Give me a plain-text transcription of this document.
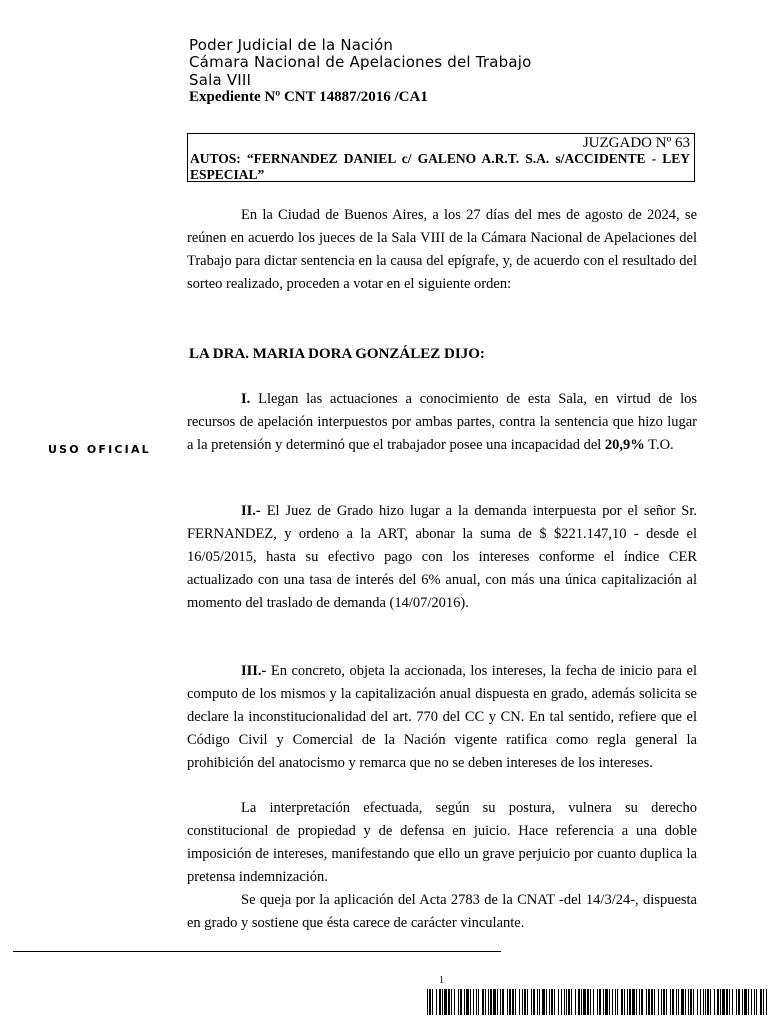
Poder Judicial de la Nación
Cámara Nacional de Apelaciones del Trabajo
Sala VIII
Expediente Nº CNT 14887/2016 /CA1
JUZGADO Nº 63
AUTOS: “FERNANDEZ DANIEL c/ GALENO A.R.T. S.A. s/ACCIDENTE - LEY ESPECIAL”

En la Ciudad de Buenos Aires, a los 27 días del mes de agosto de 2024, se reúnen en acuerdo los jueces de la Sala VIII de la Cámara Nacional de Apelaciones del Trabajo para dictar sentencia en la causa del epígrafe, y, de acuerdo con el resultado del sorteo realizado, proceden a votar en el siguiente orden:

LA DRA. MARIA DORA GONZÁLEZ DIJO:
USO OFICIAL

I. Llegan las actuaciones a conocimiento de esta Sala, en virtud de los recursos de apelación interpuestos por ambas partes, contra la sentencia que hizo lugar a la pretensión y determinó que el trabajador posee una incapacidad del 20,9% T.O.

II.- El Juez de Grado hizo lugar a la demanda interpuesta por el señor Sr. FERNANDEZ, y ordeno a la ART, abonar la suma de $ $221.147,10 - desde el 16/05/2015, hasta su efectivo pago con los intereses conforme el índice CER actualizado con una tasa de interés del 6% anual, con más una única capitalización al momento del traslado de demanda (14/07/2016).

III.- En concreto, objeta la accionada, los intereses, la fecha de inicio para el computo de los mismos y la capitalización anual dispuesta en grado, además solicita se declare la inconstitucionalidad del art. 770 del CC y CN. En tal sentido, refiere que el Código Civil y Comercial de la Nación vigente ratifica como regla general la prohibición del anatocismo y remarca que no se deben intereses de los intereses.

La interpretación efectuada, según su postura, vulnera su derecho constitucional de propiedad y de defensa en juicio. Hace referencia a una doble imposición de intereses, manifestando que ello un grave perjuicio por cuanto duplica la pretensa indemnización.

Se queja por la aplicación del Acta 2783 de la CNAT -del 14/3/24-, dispuesta en grado y sostiene que ésta carece de carácter vinculante.

1
